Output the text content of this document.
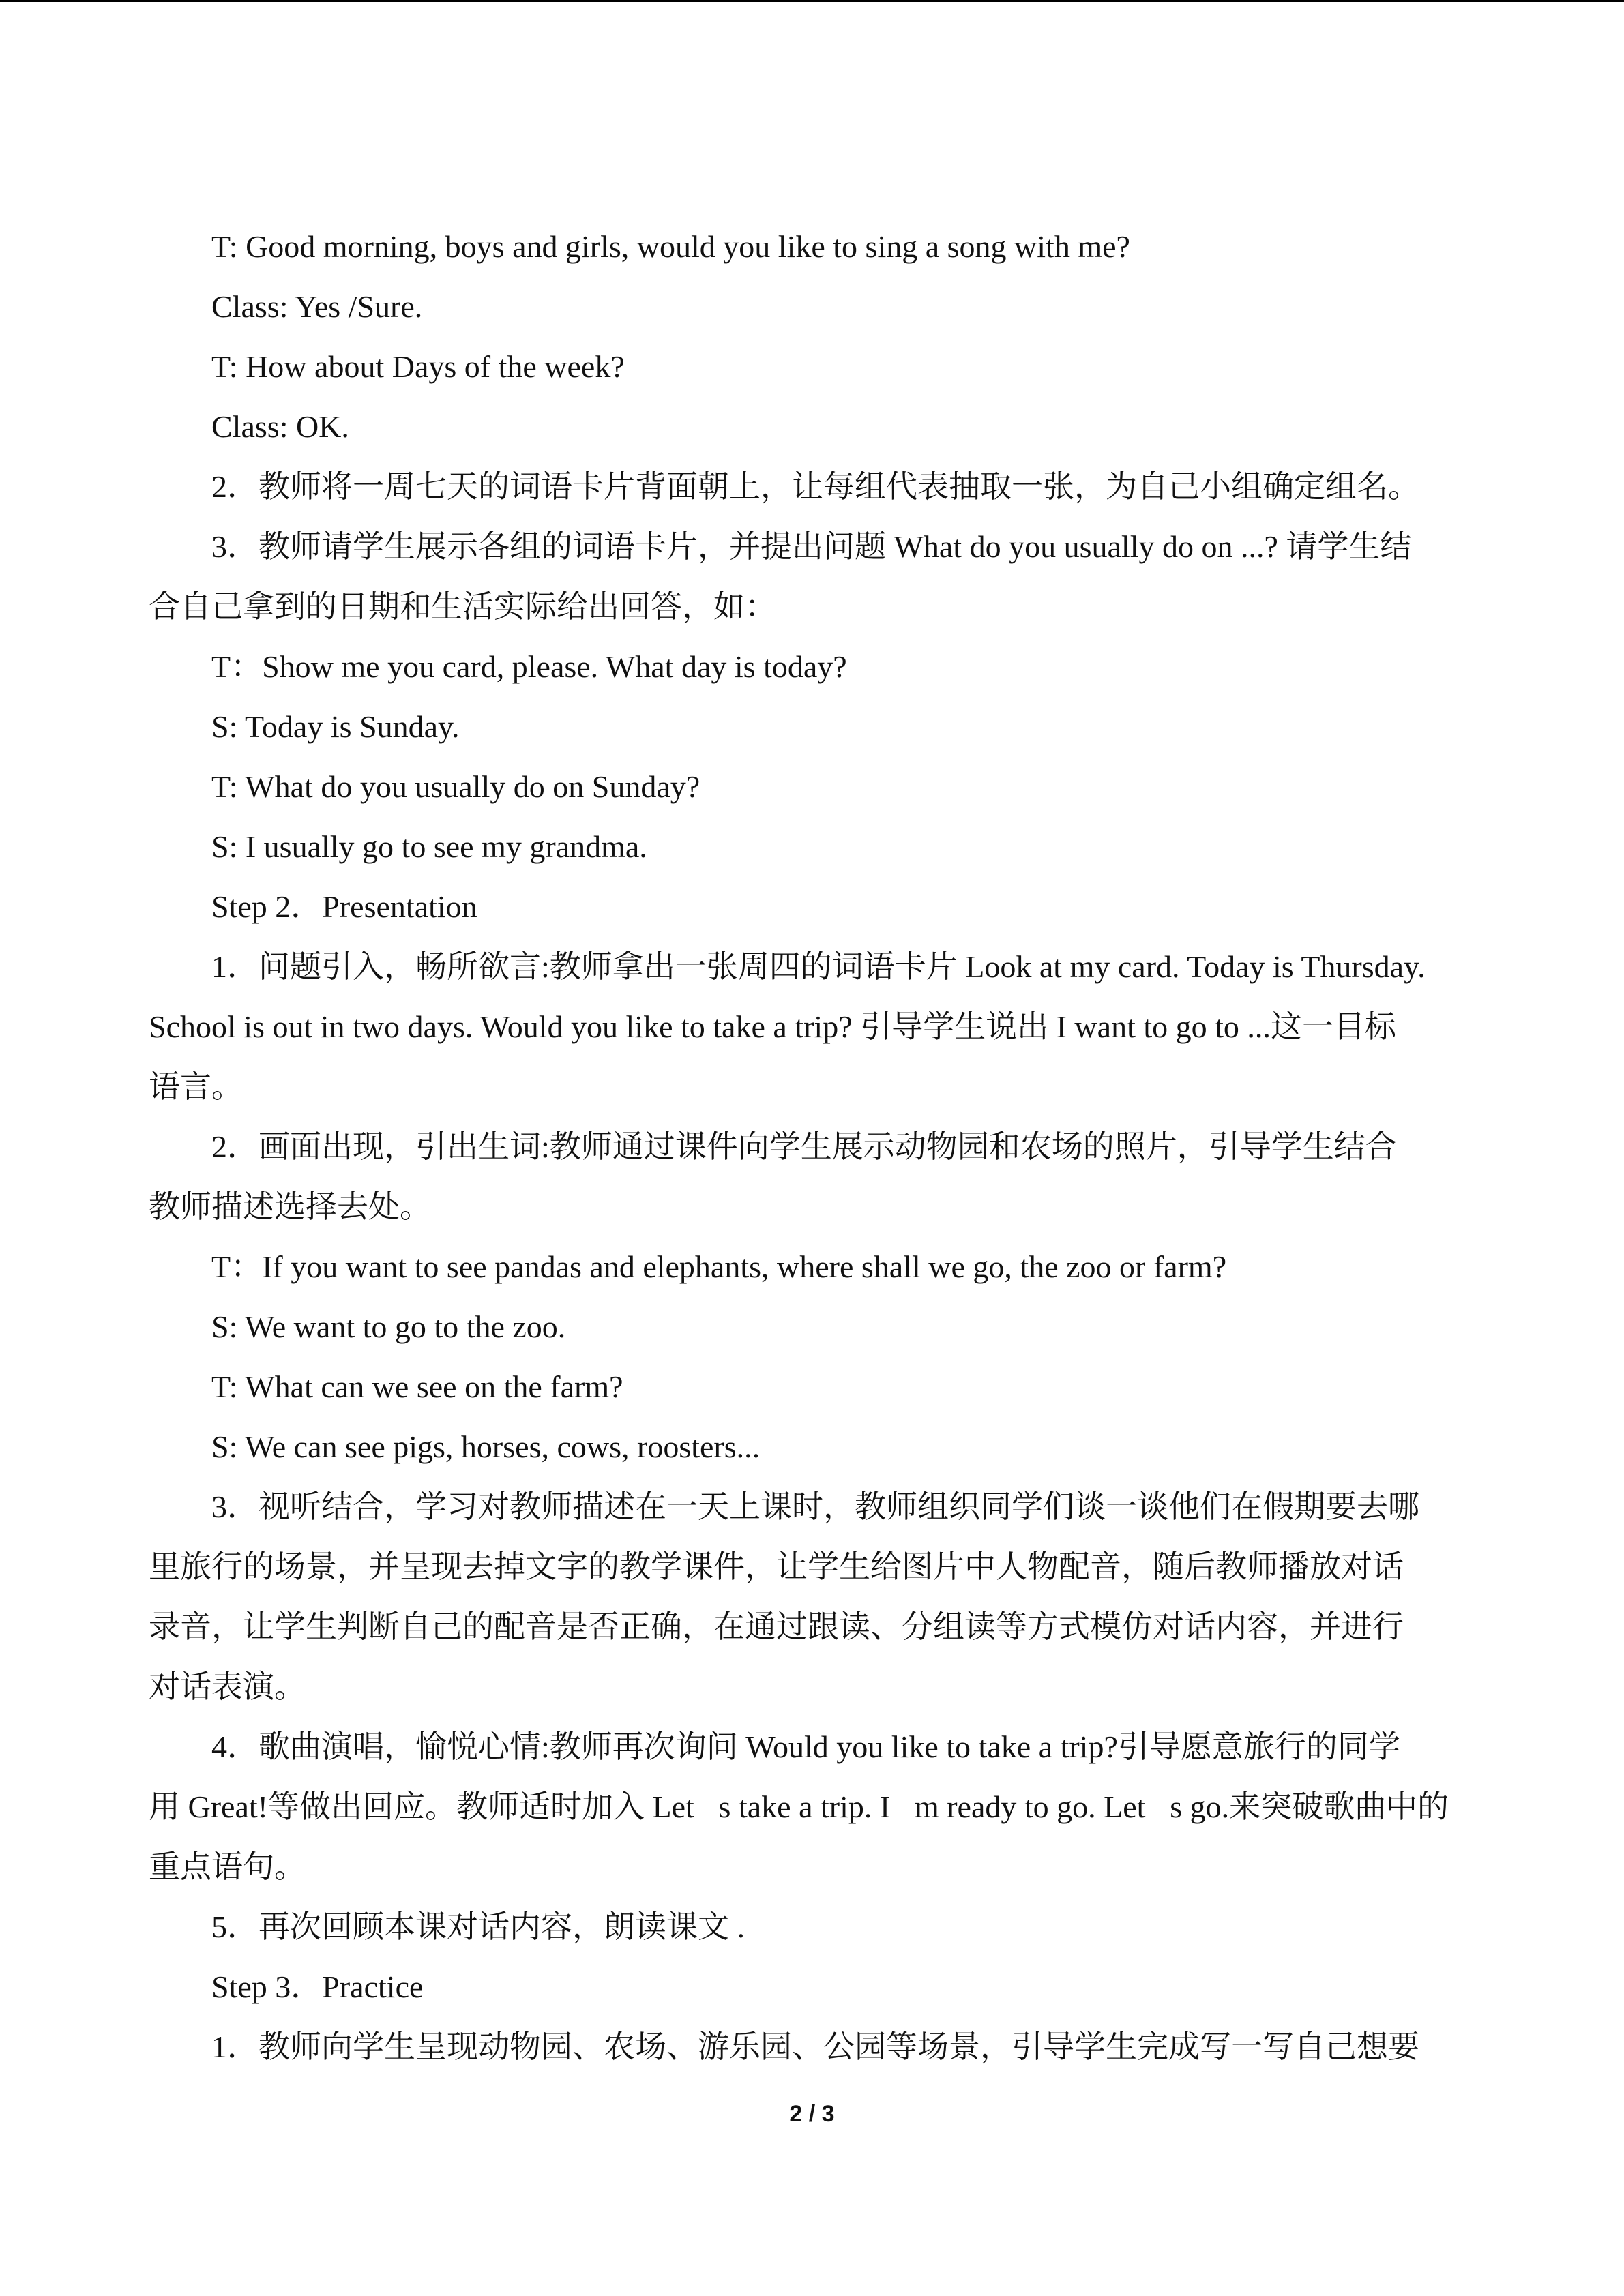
T: Good morning, boys and girls, would you like to sing a song with me?
Class: Yes /Sure.
T: How about Days of the week?
Class: OK.
2．教师将一周七天的词语卡片背面朝上，让每组代表抽取一张，为自己小组确定组名。
3．教师请学生展示各组的词语卡片，并提出问题 What do you usually do on ...? 请学生结
合自己拿到的日期和生活实际给出回答，如：
T：Show me you card, please. What day is today?
S: Today is Sunday.
T: What do you usually do on Sunday?
S: I usually go to see my grandma.
Step 2．Presentation
1．问题引入，畅所欲言:教师拿出一张周四的词语卡片 Look at my card. Today is Thursday.
School is out in two days. Would you like to take a trip? 引导学生说出 I want to go to ...这一目标
语言。
2．画面出现，引出生词:教师通过课件向学生展示动物园和农场的照片，引导学生结合
教师描述选择去处。
T：If you want to see pandas and elephants, where shall we go, the zoo or farm?
S: We want to go to the zoo.
T: What can we see on the farm?
S: We can see pigs, horses, cows, roosters...
3．视听结合，学习对教师描述在一天上课时，教师组织同学们谈一谈他们在假期要去哪
里旅行的场景，并呈现去掉文字的教学课件，让学生给图片中人物配音，随后教师播放对话
录音，让学生判断自己的配音是否正确，在通过跟读、分组读等方式模仿对话内容，并进行
对话表演。
4．歌曲演唱，愉悦心情:教师再次询问 Would you like to take a trip?引导愿意旅行的同学
用 Great!等做出回应。教师适时加入 Let􏰀s take a trip. I􏰀m ready to go. Let􏰀s go.来突破歌曲中的
重点语句。
5．再次回顾本课对话内容，朗读课文 .
Step 3．Practice
1．教师向学生呈现动物园、农场、游乐园、公园等场景，引导学生完成写一写自己想要
2 / 3
